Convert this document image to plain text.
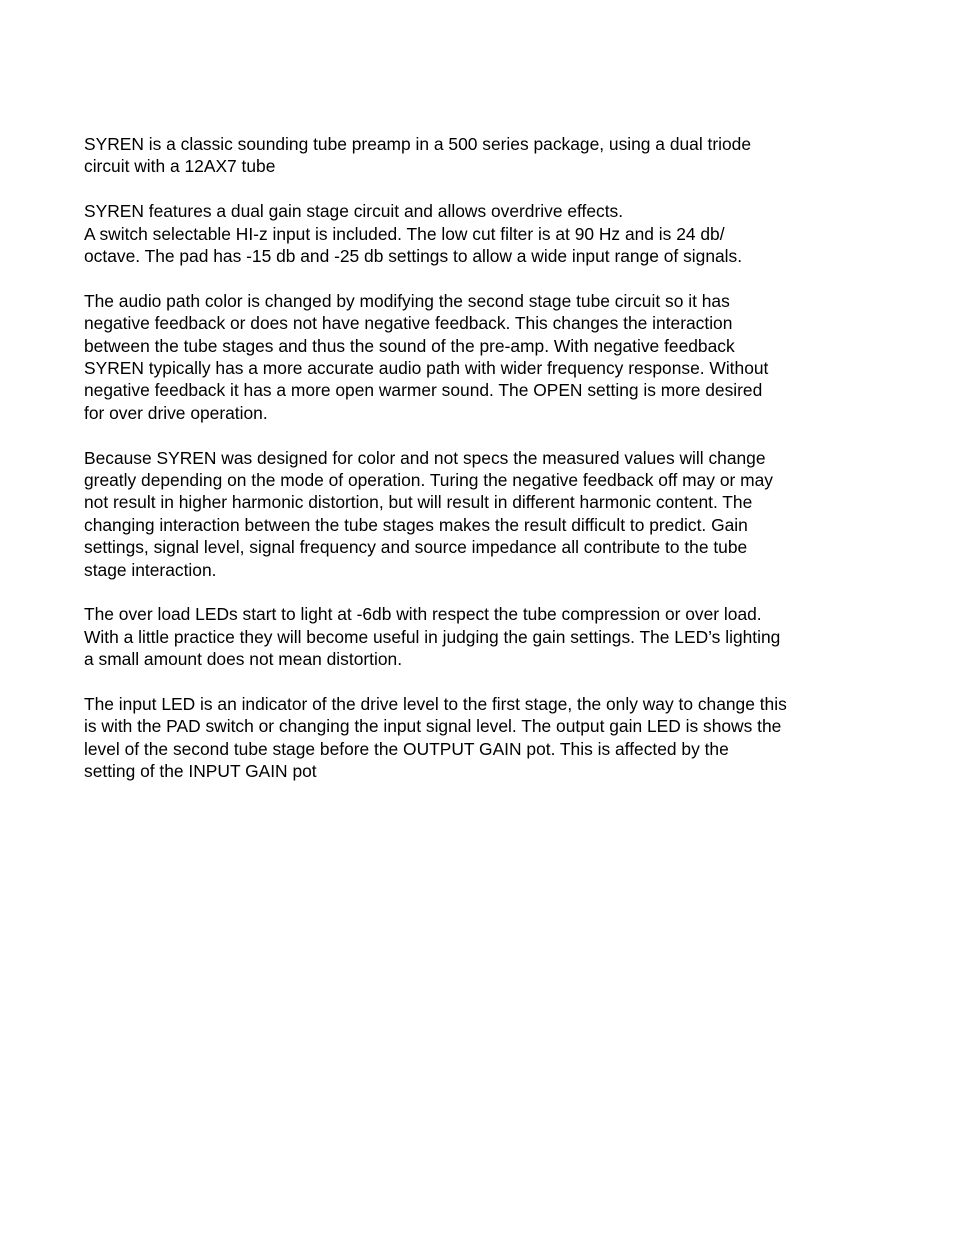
SYREN is a classic sounding tube preamp in a 500 series package, using a dual triode
circuit with a 12AX7 tube

SYREN features a dual gain stage circuit and allows overdrive effects.

A switch selectable HI-z input is included. The low cut filter is at 90 Hz and is 24 db/
octave. The pad has -15 db and -25 db settings to allow a wide input range of signals.

The audio path color is changed by modifying the second stage tube circuit so it has
negative feedback or does not have negative feedback. This changes the interaction
between the tube stages and thus the sound of the pre-amp. With negative feedback
SYREN typically has a more accurate audio path with wider frequency response. Without
negative feedback it has a more open warmer sound. The OPEN setting is more desired
for over drive operation.

Because SYREN was designed for color and not specs the measured values will change
greatly depending on the mode of operation. Turing the negative feedback off may or may
not result in higher harmonic distortion, but will result in different harmonic content. The
changing interaction between the tube stages makes the result difficult to predict. Gain
settings, signal level, signal frequency and source impedance all contribute to the tube
stage interaction.

The over load LEDs start to light at -6db with respect the tube compression or over load.
With a little practice they will become useful in judging the gain settings. The LED’s lighting
a small amount does not mean distortion.

The input LED is an indicator of the drive level to the first stage, the only way to change this
is with the PAD switch or changing the input signal level. The output gain LED is shows the
level of the second tube stage before the OUTPUT GAIN pot. This is affected by the
setting of the INPUT GAIN pot
